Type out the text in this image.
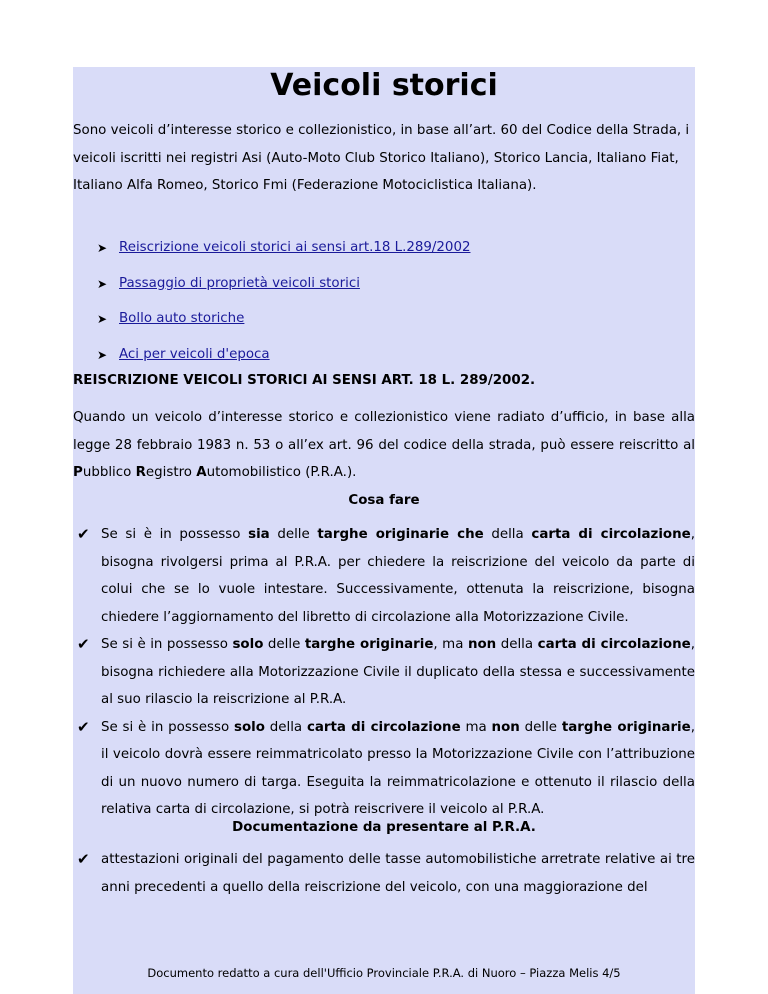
Veicoli storici

Sono veicoli d’interesse storico e collezionistico, in base all’art. 60 del Codice della Strada, i veicoli iscritti nei registri Asi (Auto-Moto Club Storico Italiano), Storico Lancia, Italiano Fiat, Italiano Alfa Romeo, Storico Fmi (Federazione Motociclistica Italiana).

➤ Reiscrizione veicoli storici ai sensi art.18 L.289/2002
➤ Passaggio di proprietà veicoli storici
➤ Bollo auto storiche
➤ Aci per veicoli d'epoca

REISCRIZIONE VEICOLI STORICI AI SENSI ART. 18 L. 289/2002.

Quando un veicolo d’interesse storico e collezionistico viene radiato d’ufficio, in base alla legge 28 febbraio 1983 n. 53 o all’ex art. 96 del codice della strada, può essere reiscritto al Pubblico Registro Automobilistico (P.R.A.).

Cosa fare

✔ Se si è in possesso sia delle targhe originarie che della carta di circolazione, bisogna rivolgersi prima al P.R.A. per chiedere la reiscrizione del veicolo da parte di colui che se lo vuole intestare. Successivamente, ottenuta la reiscrizione, bisogna chiedere l’aggiornamento del libretto di circolazione alla Motorizzazione Civile.
✔ Se si è in possesso solo delle targhe originarie, ma non della carta di circolazione, bisogna richiedere alla Motorizzazione Civile il duplicato della stessa e successivamente al suo rilascio la reiscrizione al P.R.A.
✔ Se si è in possesso solo della carta di circolazione ma non delle targhe originarie, il veicolo dovrà essere reimmatricolato presso la Motorizzazione Civile con l’attribuzione di un nuovo numero di targa. Eseguita la reimmatricolazione e ottenuto il rilascio della relativa carta di circolazione, si potrà reiscrivere il veicolo al P.R.A.

Documentazione da presentare al P.R.A.

✔ attestazioni originali del pagamento delle tasse automobilistiche arretrate relative ai tre anni precedenti a quello della reiscrizione del veicolo, con una maggiorazione del

Documento redatto a cura dell'Ufficio Provinciale P.R.A. di Nuoro – Piazza Melis 4/5
